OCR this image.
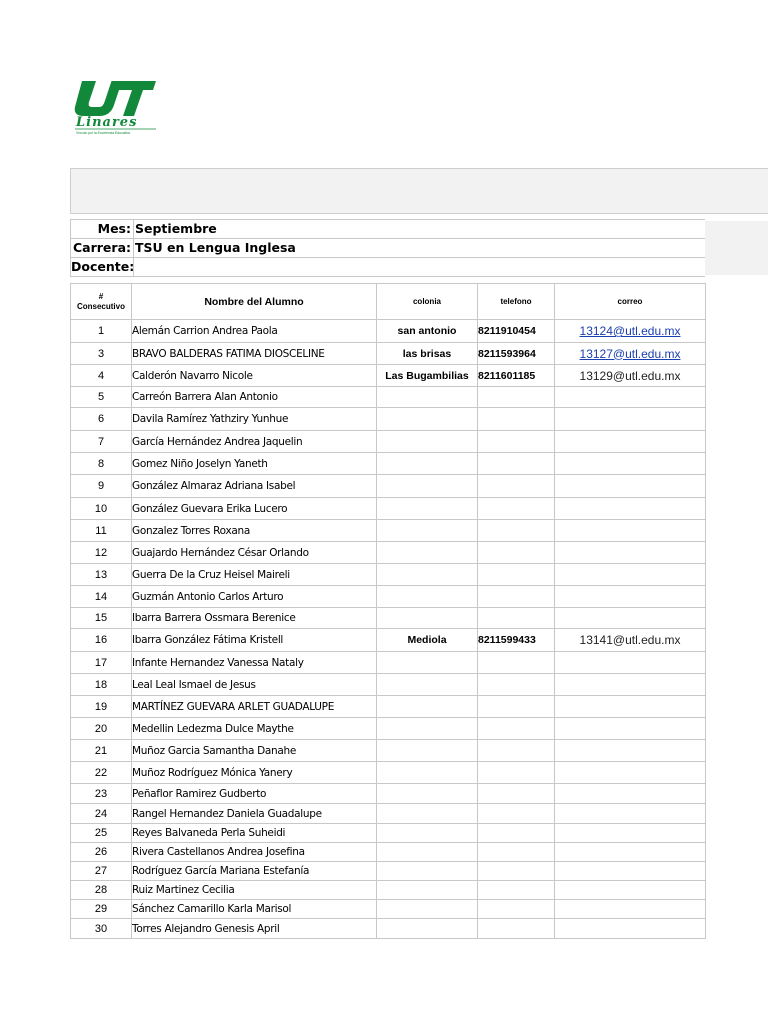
Linares
Vínculo por la Excelencia Educativa
Mes: Septiembre
Carrera: TSU en Lengua Inglesa
Docente:
#
Consecutivo	Nombre del Alumno	colonia	telefono	correo
1	Alemán Carrion Andrea Paola	san antonio	8211910454	13124@utl.edu.mx
3	BRAVO BALDERAS FATIMA DIOSCELINE	las brisas	8211593964	13127@utl.edu.mx
4	Calderón Navarro Nicole	Las Bugambilias	8211601185	13129@utl.edu.mx
5	Carreón Barrera Alan Antonio			
6	Davila Ramírez Yathziry Yunhue			
7	García Hernández Andrea Jaquelin			
8	Gomez Niño Joselyn Yaneth			
9	González Almaraz Adriana Isabel			
10	González Guevara Erika Lucero			
11	Gonzalez Torres Roxana			
12	Guajardo Hernández César Orlando			
13	Guerra De la Cruz Heisel Maireli			
14	Guzmán Antonio Carlos Arturo			
15	Ibarra Barrera Ossmara Berenice			
16	Ibarra González Fátima Kristell	Mediola	8211599433	13141@utl.edu.mx
17	Infante Hernandez Vanessa Nataly			
18	Leal Leal Ismael de Jesus			
19	MARTÍNEZ GUEVARA ARLET GUADALUPE			
20	Medellin Ledezma Dulce Maythe			
21	Muñoz Garcia Samantha Danahe			
22	Muñoz Rodríguez Mónica Yanery			
23	Peñaflor Ramirez Gudberto			
24	Rangel Hernandez Daniela Guadalupe			
25	Reyes Balvaneda Perla Suheidi			
26	Rivera Castellanos Andrea Josefina			
27	Rodríguez García Mariana Estefanía			
28	Ruiz Martinez Cecilia			
29	Sánchez Camarillo Karla Marisol			
30	Torres Alejandro Genesis April			
